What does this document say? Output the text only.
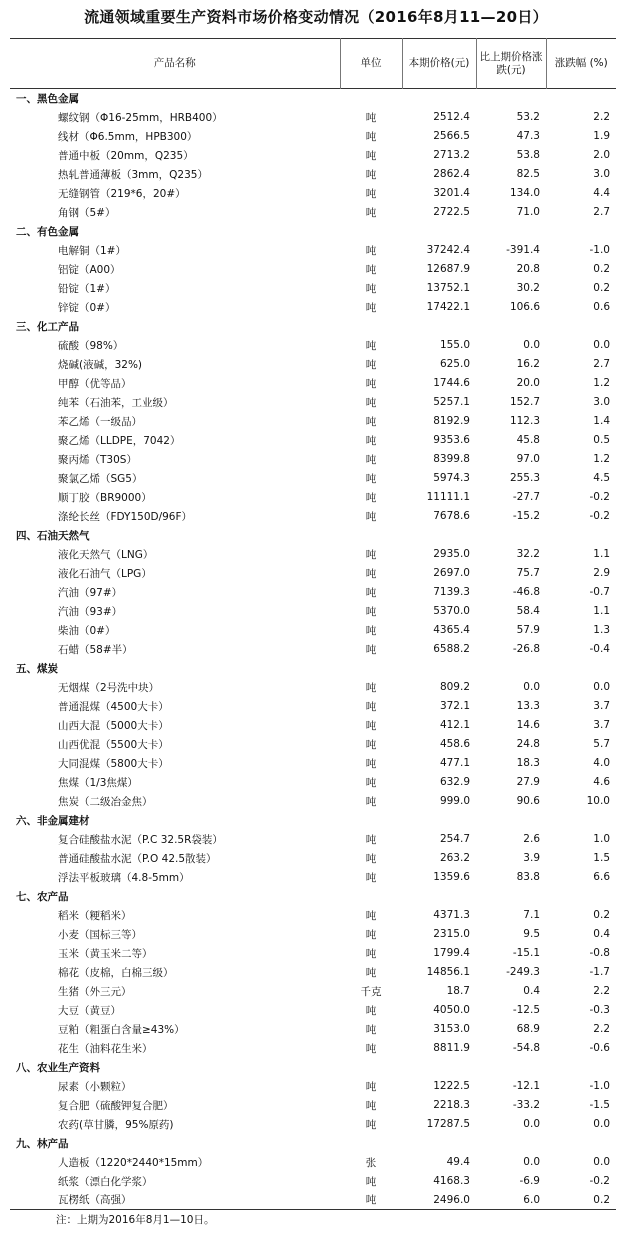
流通领域重要生产资料市场价格变动情况（2016年8月11—20日）
产品名称	单位	本期价格(元)	比上期价格涨跌(元)	涨跌幅 (%)
一、黑色金属				
螺纹钢（Φ16-25mm，HRB400）	吨	2512.4	53.2	2.2
线材（Φ6.5mm，HPB300）	吨	2566.5	47.3	1.9
普通中板（20mm，Q235）	吨	2713.2	53.8	2.0
热轧普通薄板（3mm，Q235）	吨	2862.4	82.5	3.0
无缝钢管（219*6，20#）	吨	3201.4	134.0	4.4
角钢（5#）	吨	2722.5	71.0	2.7
二、有色金属				
电解铜（1#）	吨	37242.4	-391.4	-1.0
铝锭（A00）	吨	12687.9	20.8	0.2
铅锭（1#）	吨	13752.1	30.2	0.2
锌锭（0#）	吨	17422.1	106.6	0.6
三、化工产品				
硫酸（98%）	吨	155.0	0.0	0.0
烧碱(液碱，32%)	吨	625.0	16.2	2.7
甲醇（优等品）	吨	1744.6	20.0	1.2
纯苯（石油苯，工业级）	吨	5257.1	152.7	3.0
苯乙烯（一级品）	吨	8192.9	112.3	1.4
聚乙烯（LLDPE，7042）	吨	9353.6	45.8	0.5
聚丙烯（T30S）	吨	8399.8	97.0	1.2
聚氯乙烯（SG5）	吨	5974.3	255.3	4.5
顺丁胶（BR9000）	吨	11111.1	-27.7	-0.2
涤纶长丝（FDY150D/96F）	吨	7678.6	-15.2	-0.2
四、石油天然气				
液化天然气（LNG）	吨	2935.0	32.2	1.1
液化石油气（LPG）	吨	2697.0	75.7	2.9
汽油（97#）	吨	7139.3	-46.8	-0.7
汽油（93#）	吨	5370.0	58.4	1.1
柴油（0#）	吨	4365.4	57.9	1.3
石蜡（58#半）	吨	6588.2	-26.8	-0.4
五、煤炭				
无烟煤（2号洗中块）	吨	809.2	0.0	0.0
普通混煤（4500大卡）	吨	372.1	13.3	3.7
山西大混（5000大卡）	吨	412.1	14.6	3.7
山西优混（5500大卡）	吨	458.6	24.8	5.7
大同混煤（5800大卡）	吨	477.1	18.3	4.0
焦煤（1/3焦煤）	吨	632.9	27.9	4.6
焦炭（二级冶金焦）	吨	999.0	90.6	10.0
六、非金属建材				
复合硅酸盐水泥（P.C 32.5R袋装）	吨	254.7	2.6	1.0
普通硅酸盐水泥（P.O 42.5散装）	吨	263.2	3.9	1.5
浮法平板玻璃（4.8-5mm）	吨	1359.6	83.8	6.6
七、农产品				
稻米（粳稻米）	吨	4371.3	7.1	0.2
小麦（国标三等）	吨	2315.0	9.5	0.4
玉米（黄玉米二等）	吨	1799.4	-15.1	-0.8
棉花（皮棉，白棉三级）	吨	14856.1	-249.3	-1.7
生猪（外三元）	千克	18.7	0.4	2.2
大豆（黄豆）	吨	4050.0	-12.5	-0.3
豆粕（粗蛋白含量≥43%）	吨	3153.0	68.9	2.2
花生（油料花生米）	吨	8811.9	-54.8	-0.6
八、农业生产资料				
尿素（小颗粒）	吨	1222.5	-12.1	-1.0
复合肥（硫酸钾复合肥）	吨	2218.3	-33.2	-1.5
农药(草甘膦，95%原药)	吨	17287.5	0.0	0.0
九、林产品				
人造板（1220*2440*15mm）	张	49.4	0.0	0.0
纸浆（漂白化学浆）	吨	4168.3	-6.9	-0.2
瓦楞纸（高强）	吨	2496.0	6.0	0.2
注：上期为2016年8月1—10日。
